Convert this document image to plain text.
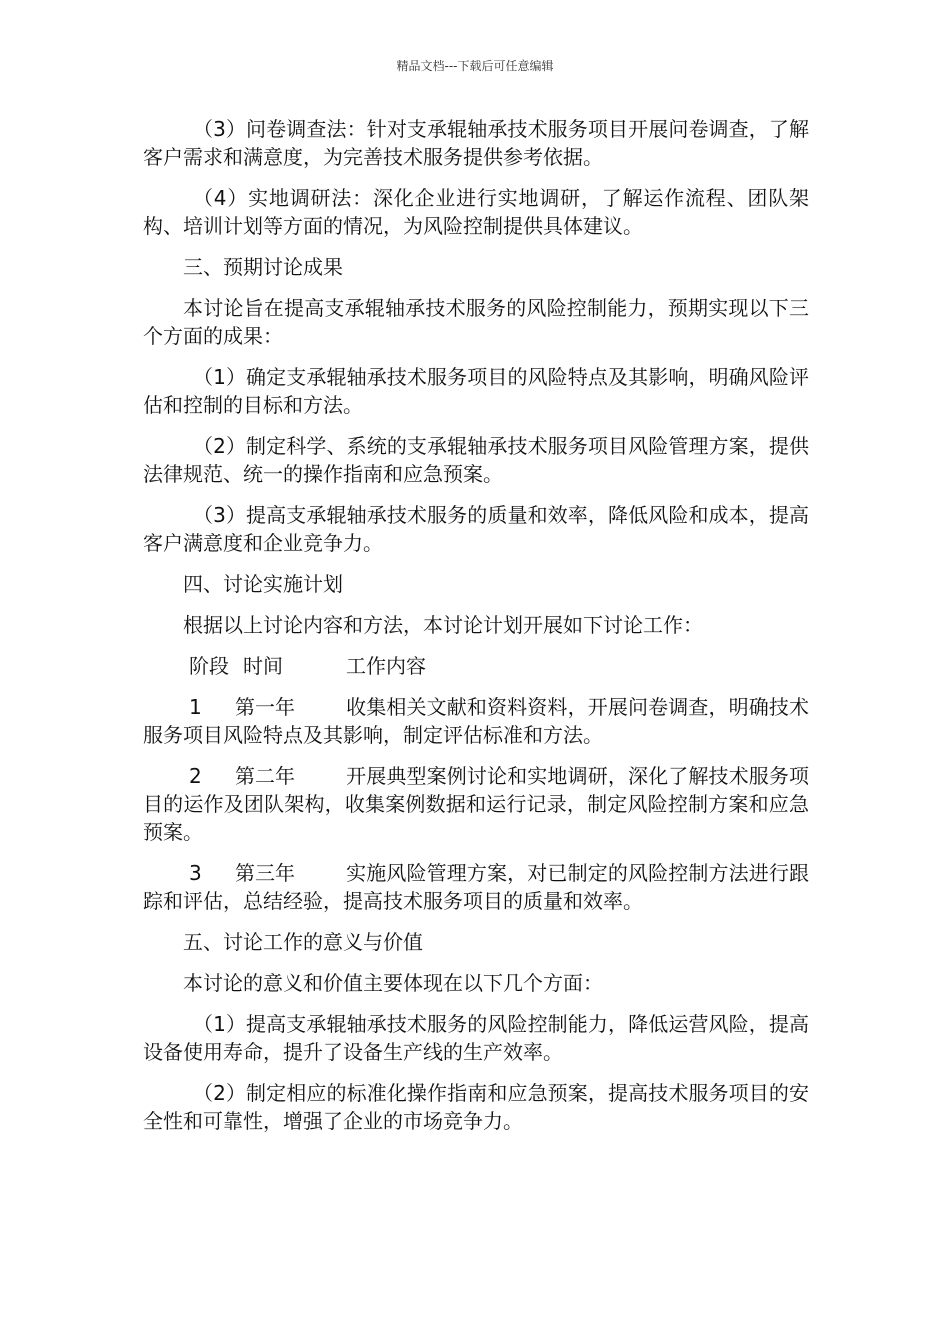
精品文档---下载后可任意编辑

（3）问卷调查法：针对支承辊轴承技术服务项目开展问卷调查，了解客户需求和满意度，为完善技术服务提供参考依据。

（4）实地调研法：深化企业进行实地调研，了解运作流程、团队架构、培训计划等方面的情况，为风险控制提供具体建议。

三、预期讨论成果

本讨论旨在提高支承辊轴承技术服务的风险控制能力，预期实现以下三个方面的成果：

（1）确定支承辊轴承技术服务项目的风险特点及其影响，明确风险评估和控制的目标和方法。

（2）制定科学、系统的支承辊轴承技术服务项目风险管理方案，提供法律规范、统一的操作指南和应急预案。

（3）提高支承辊轴承技术服务的质量和效率，降低风险和成本，提高客户满意度和企业竞争力。

四、讨论实施计划

根据以上讨论内容和方法，本讨论计划开展如下讨论工作：

阶段 时间	工作内容

1 第一年	收集相关文献和资料资料，开展问卷调查，明确技术服务项目风险特点及其影响，制定评估标准和方法。

2 第二年	开展典型案例讨论和实地调研，深化了解技术服务项目的运作及团队架构，收集案例数据和运行记录，制定风险控制方案和应急预案。

3 第三年	实施风险管理方案，对已制定的风险控制方法进行跟踪和评估，总结经验，提高技术服务项目的质量和效率。

五、讨论工作的意义与价值

本讨论的意义和价值主要体现在以下几个方面：

（1）提高支承辊轴承技术服务的风险控制能力，降低运营风险，提高设备使用寿命，提升了设备生产线的生产效率。

（2）制定相应的标准化操作指南和应急预案，提高技术服务项目的安全性和可靠性，增强了企业的市场竞争力。
